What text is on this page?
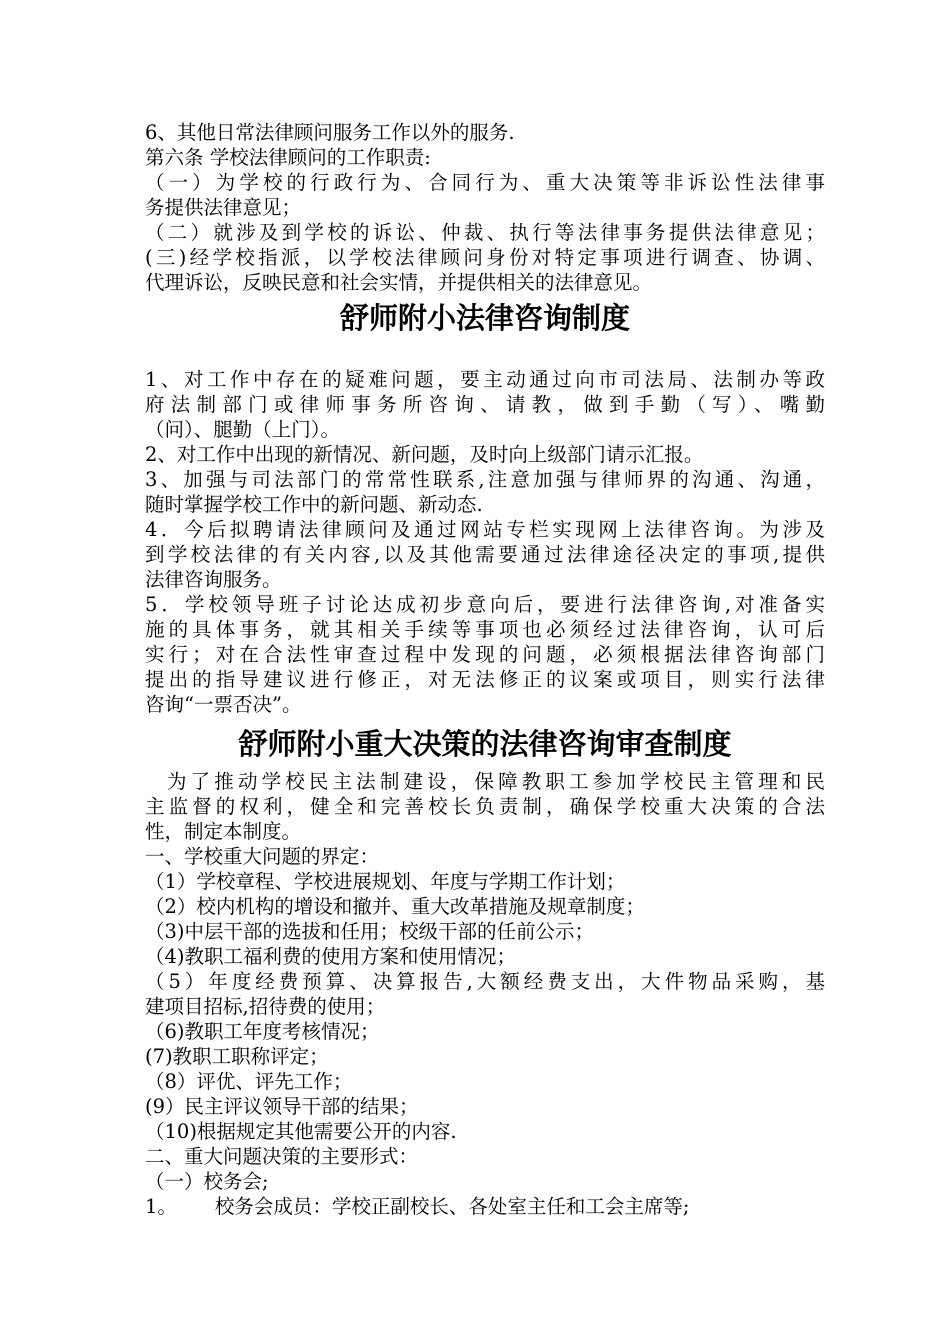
6、其他日常法律顾问服务工作以外的服务.
第六条 学校法律顾问的工作职责:
（一）为学校的行政行为、合同行为、重大决策等非诉讼性法律事
务提供法律意见；
（二）就涉及到学校的诉讼、仲裁、执行等法律事务提供法律意见；
(三)经学校指派，以学校法律顾问身份对特定事项进行调查、协调、
代理诉讼，反映民意和社会实情，并提供相关的法律意见。
舒师附小法律咨询制度
1、对工作中存在的疑难问题，要主动通过向市司法局、法制办等政
府法制部门或律师事务所咨询、请教，做到手勤（写）、嘴勤
（问）、腿勤（上门）。
2、对工作中出现的新情况、新问题，及时向上级部门请示汇报。
3、加强与司法部门的常常性联系,注意加强与律师界的沟通、沟通，
随时掌握学校工作中的新问题、新动态.
4．今后拟聘请法律顾问及通过网站专栏实现网上法律咨询。为涉及
到学校法律的有关内容,以及其他需要通过法律途径决定的事项,提供
法律咨询服务。
5．学校领导班子讨论达成初步意向后，要进行法律咨询,对准备实
施的具体事务，就其相关手续等事项也必须经过法律咨询，认可后
实行；对在合法性审查过程中发现的问题，必须根据法律咨询部门
提出的指导建议进行修正，对无法修正的议案或项目，则实行法律
咨询“一票否决”。
舒师附小重大决策的法律咨询审查制度
为了推动学校民主法制建设，保障教职工参加学校民主管理和民
主监督的权利，健全和完善校长负责制，确保学校重大决策的合法
性，制定本制度。
一、学校重大问题的界定：
（1）学校章程、学校进展规划、年度与学期工作计划；
（2）校内机构的增设和撤并、重大改革措施及规章制度；
（3)中层干部的选拔和任用；校级干部的任前公示；
（4)教职工福利费的使用方案和使用情况；
（5）年度经费预算、决算报告,大额经费支出，大件物品采购，基
建项目招标,招待费的使用；
（6)教职工年度考核情况；
(7)教职工职称评定；
（8）评优、评先工作；
(9）民主评议领导干部的结果；
（10)根据规定其他需要公开的内容.
二、重大问题决策的主要形式：
（一）校务会;
1。 校务会成员：学校正副校长、各处室主任和工会主席等;
